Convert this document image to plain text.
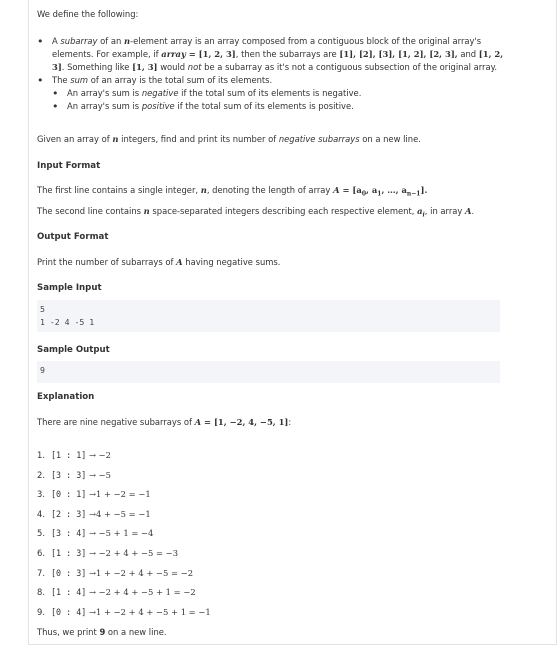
We define the following:

• A subarray of an n-element array is an array composed from a contiguous block of the original array's elements. For example, if array = [1, 2, 3], then the subarrays are [1], [2], [3], [1, 2], [2, 3], and [1, 2, 3]. Something like [1, 3] would not be a subarray as it's not a contiguous subsection of the original array.
• The sum of an array is the total sum of its elements.
• An array's sum is negative if the total sum of its elements is negative.
• An array's sum is positive if the total sum of its elements is positive.

Given an array of n integers, find and print its number of negative subarrays on a new line.

Input Format

The first line contains a single integer, n, denoting the length of array $A = [a_0$, $a_1$, …, $a_{n-1}$].

The second line contains n space-separated integers describing each respective element, $a_i$, in array A.

Output Format

Print the number of subarrays of A having negative sums.

Sample Input

5
1 -2 4 -5 1

Sample Output

9

Explanation

There are nine negative subarrays of A = [1, −2, 4, −5, 1]:

1. [1 : 1] → −2
2. [3 : 3] → −5
3. [0 : 1] →1 + −2 = −1
4. [2 : 3] →4 + −5 = −1
5. [3 : 4] → −5 + 1 = −4
6. [1 : 3] → −2 + 4 + −5 = −3
7. [0 : 3] →1 + −2 + 4 + −5 = −2
8. [1 : 4] → −2 + 4 + −5 + 1 = −2
9. [0 : 4] →1 + −2 + 4 + −5 + 1 = −1

Thus, we print 9 on a new line.
